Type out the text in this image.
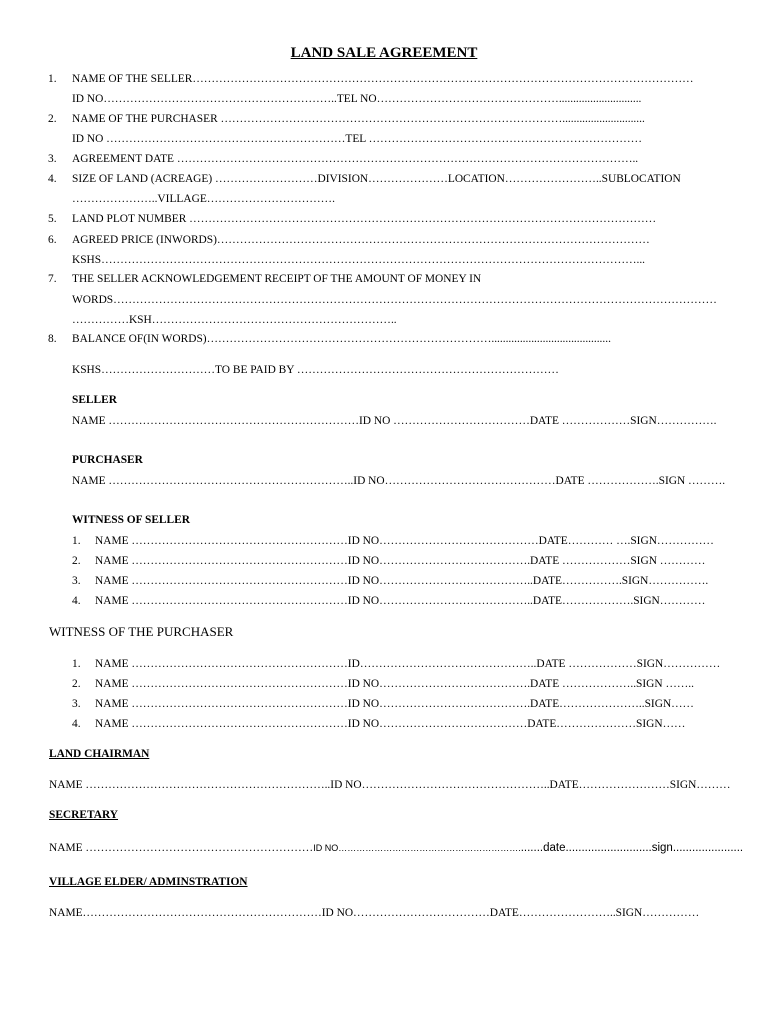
LAND SALE AGREEMENT
1. NAME OF THE SELLER……………………………………………………………………………………………………………………
ID NO……………………………………………………..TEL NO………………………………………….............................
2. NAME OF THE PURCHASER ……………………………………………………………………………….............................
ID NO ………………………………………………………TEL ………………………………………………………………
3. AGREEMENT DATE …………………………………………………………………………………………………………..
4. SIZE OF LAND (ACREAGE) ………………………DIVISION…………………LOCATION……………………..SUBLOCATION
…………………..VILLAGE…………………………….
5. LAND PLOT NUMBER ……………………………………………………………………………………………………………
6. AGREED PRICE (INWORDS)……………………………………………………………………………………………………
KSHS……………………………………………………………………………………………………………………………...
7. THE SELLER ACKNOWLEDGEMENT RECEIPT OF THE AMOUNT OF MONEY IN
WORDS……………………………………………………………………………………………………………………………………………
……………KSH………………………………………………………..
8. BALANCE OF(IN WORDS)…………………………………………………………………..........................................
KSHS…………………………TO BE PAID BY ……………………………………………………………
SELLER
NAME …………………………………………………………ID NO ………………………………DATE ………………SIGN…………….
PURCHASER
NAME ………………………………………………………..ID NO………………………………………DATE ……………….SIGN ……….
WITNESS OF SELLER
1. NAME …………………………………………………ID NO……………………………………DATE………… ….SIGN……………
2. NAME …………………………………………………ID NO………………………………….DATE ………………SIGN …………
3. NAME …………………………………………………ID NO…………………………………..DATE…………….SIGN…………….
4. NAME …………………………………………………ID NO…………………………………..DATE……………….SIGN…………
WITNESS OF THE PURCHASER
1. NAME …………………………………………………ID………………………………………..DATE ………………SIGN……………
2. NAME …………………………………………………ID NO………………………………….DATE ………………..SIGN ……..
3. NAME …………………………………………………ID NO………………………………….DATE…………………..SIGN……
4. NAME …………………………………………………ID NO…………………………………DATE…………………SIGN……
LAND CHAIRMAN
NAME ………………………………………………………..ID NO…………………………………………..DATE……………………SIGN………
SECRETARY
NAME ……………………………………………………ID NO……………………………………………………........date...........................sign......................
VILLAGE ELDER/ ADMINSTRATION
NAME………………………………………………………ID NO………………………………DATE……………………..SIGN……………
